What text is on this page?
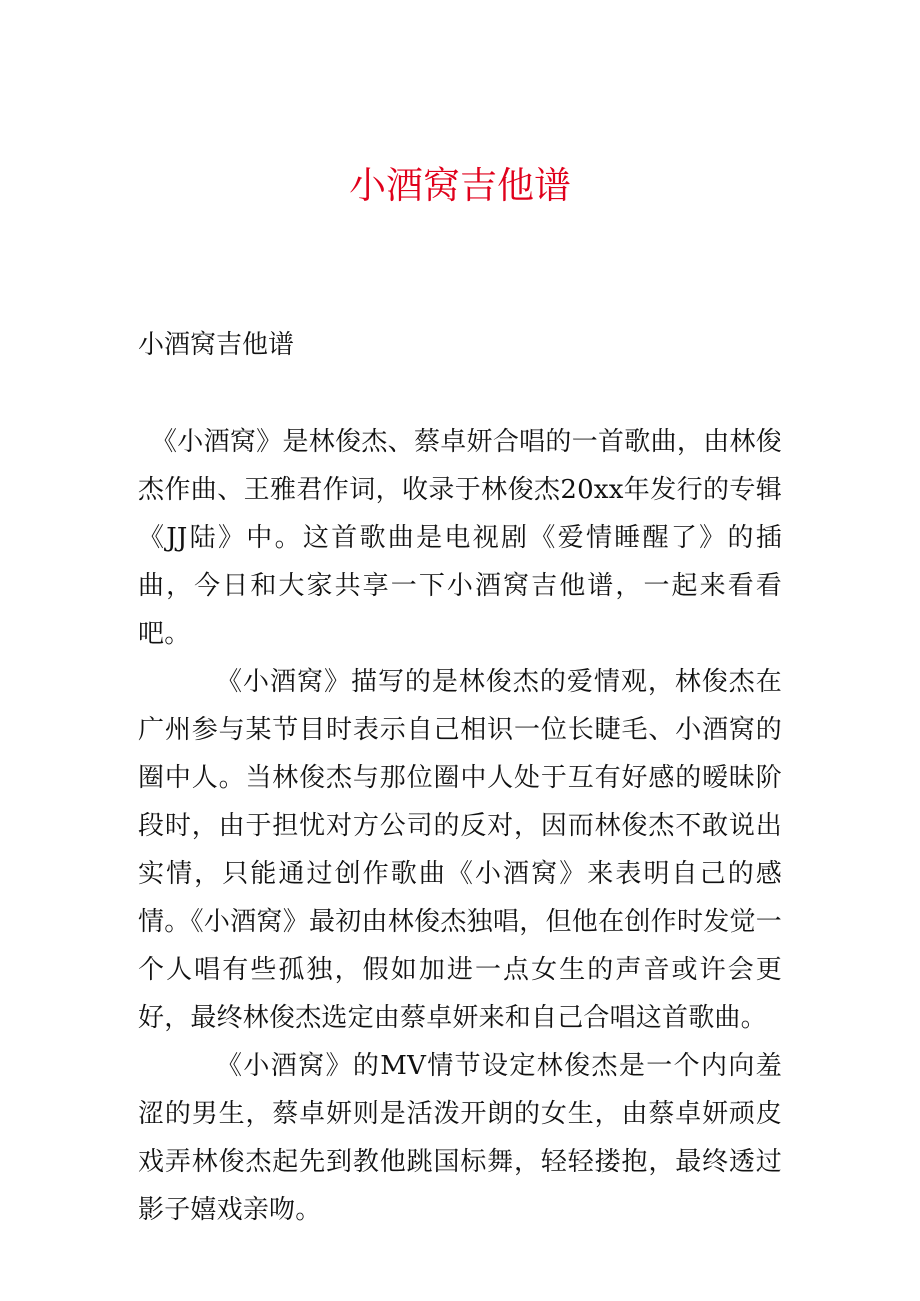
小酒窝吉他谱
小酒窝吉他谱

《小酒窝》是林俊杰、蔡卓妍合唱的一首歌曲，由林俊杰作曲、王雅君作词，收录于林俊杰20xx年发行的专辑《JJ陆》中。这首歌曲是电视剧《爱情睡醒了》的插曲，今日和大家共享一下小酒窝吉他谱，一起来看看吧。

《小酒窝》描写的是林俊杰的爱情观，林俊杰在广州参与某节目时表示自己相识一位长睫毛、小酒窝的圈中人。当林俊杰与那位圈中人处于互有好感的暧昧阶段时，由于担忧对方公司的反对，因而林俊杰不敢说出实情，只能通过创作歌曲《小酒窝》来表明自己的感情。《小酒窝》最初由林俊杰独唱，但他在创作时发觉一个人唱有些孤独，假如加进一点女生的声音或许会更好，最终林俊杰选定由蔡卓妍来和自己合唱这首歌曲。

《小酒窝》的MV情节设定林俊杰是一个内向羞涩的男生，蔡卓妍则是活泼开朗的女生，由蔡卓妍顽皮戏弄林俊杰起先到教他跳国标舞，轻轻搂抱，最终透过影子嬉戏亲吻。
